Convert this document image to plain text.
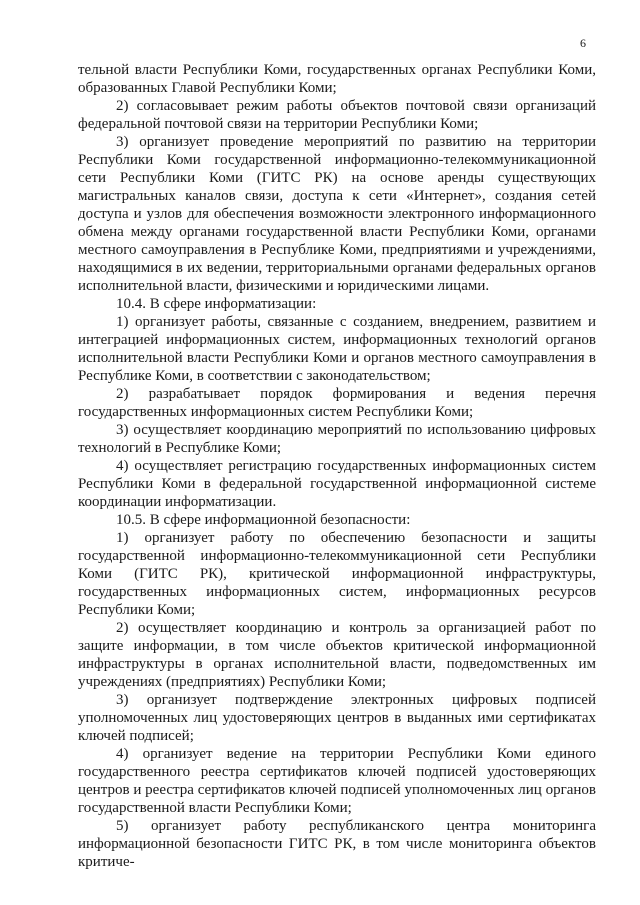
6

тельной власти Республики Коми, государственных органах Республики Коми, образованных Главой Республики Коми;

2) согласовывает режим работы объектов почтовой связи организаций федеральной почтовой связи на территории Республики Коми;

3) организует проведение мероприятий по развитию на территории Республики Коми государственной информационно-телекоммуникационной сети Республики Коми (ГИТС РК) на основе аренды существующих магистральных каналов связи, доступа к сети «Интернет», создания сетей доступа и узлов для обеспечения возможности электронного информационного обмена между органами государственной власти Республики Коми, органами местного самоуправления в Республике Коми, предприятиями и учреждениями, находящимися в их ведении, территориальными органами федеральных органов исполнительной власти, физическими и юридическими лицами.

10.4. В сфере информатизации:

1) организует работы, связанные с созданием, внедрением, развитием и интеграцией информационных систем, информационных технологий органов исполнительной власти Республики Коми и органов местного самоуправления в Республике Коми, в соответствии с законодательством;

2) разрабатывает порядок формирования и ведения перечня государственных информационных систем Республики Коми;

3) осуществляет координацию мероприятий по использованию цифровых технологий в Республике Коми;

4) осуществляет регистрацию государственных информационных систем Республики Коми в федеральной государственной информационной системе координации информатизации.

10.5. В сфере информационной безопасности:

1) организует работу по обеспечению безопасности и защиты государственной информационно-телекоммуникационной сети Республики Коми (ГИТС РК), критической информационной инфраструктуры, государственных информационных систем, информационных ресурсов Республики Коми;

2) осуществляет координацию и контроль за организацией работ по защите информации, в том числе объектов критической информационной инфраструктуры в органах исполнительной власти, подведомственных им учреждениях (предприятиях) Республики Коми;

3) организует подтверждение электронных цифровых подписей уполномоченных лиц удостоверяющих центров в выданных ими сертификатах ключей подписей;

4) организует ведение на территории Республики Коми единого государственного реестра сертификатов ключей подписей удостоверяющих центров и реестра сертификатов ключей подписей уполномоченных лиц органов государственной власти Республики Коми;

5) организует работу республиканского центра мониторинга информационной безопасности ГИТС РК, в том числе мониторинга объектов критиче-
